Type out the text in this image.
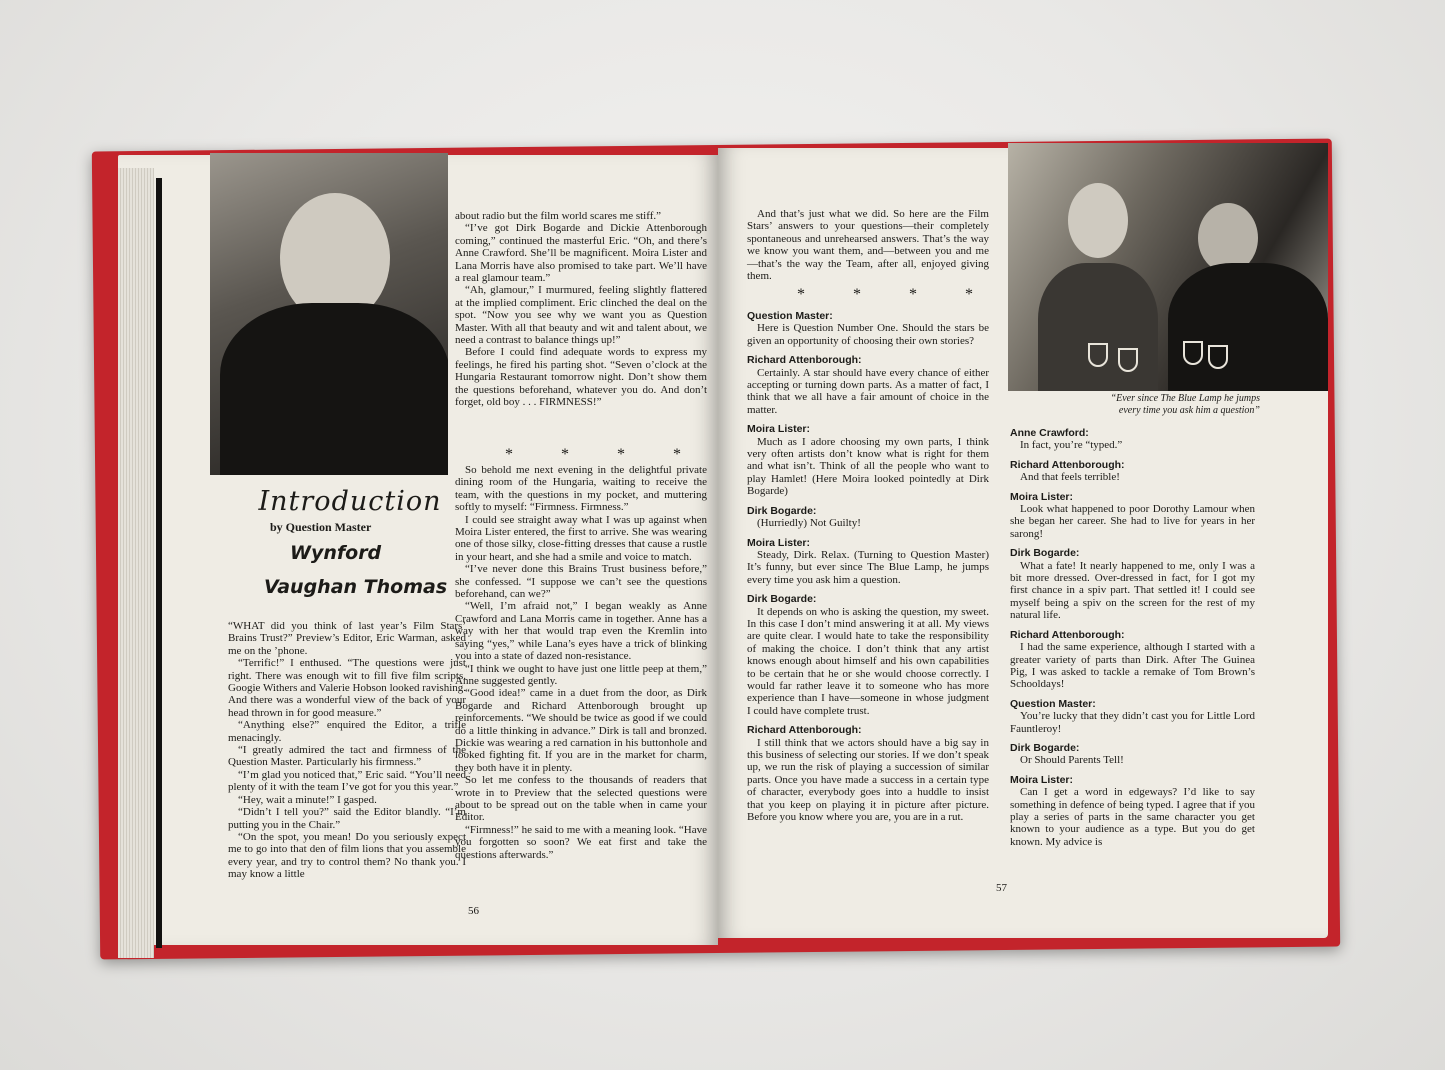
Introduction
by Question Master
Wynford
Vaughan Thomas

“WHAT did you think of last year’s Film Stars’ Brains Trust?” Preview’s Editor, Eric Warman, asked me on the ’phone.

“Terrific!” I enthused. “The questions were just right. There was enough wit to fill five film scripts. Googie Withers and Valerie Hobson looked ravishing. And there was a wonderful view of the back of your head thrown in for good measure.”

“Anything else?” enquired the Editor, a trifle menacingly.

“I greatly admired the tact and firmness of the Question Master. Particularly his firmness.”

“I’m glad you noticed that,” Eric said. “You’ll need plenty of it with the team I’ve got for you this year.”

“Hey, wait a minute!” I gasped.

“Didn’t I tell you?” said the Editor blandly. “I’m putting you in the Chair.”

“On the spot, you mean! Do you seriously expect me to go into that den of film lions that you assemble every year, and try to control them? No thank you. I may know a little

about radio but the film world scares me stiff.”

“I’ve got Dirk Bogarde and Dickie Attenborough coming,” continued the masterful Eric. “Oh, and there’s Anne Crawford. She’ll be magnificent. Moira Lister and Lana Morris have also promised to take part. We’ll have a real glamour team.”

“Ah, glamour,” I murmured, feeling slightly flattered at the implied compliment. Eric clinched the deal on the spot. “Now you see why we want you as Question Master. With all that beauty and wit and talent about, we need a contrast to balance things up!”

Before I could find adequate words to express my feelings, he fired his parting shot. “Seven o’clock at the Hungaria Restaurant tomorrow night. Don’t show them the questions beforehand, whatever you do. And don’t forget, old boy . . . FIRMNESS!”

* * * *

So behold me next evening in the delightful private dining room of the Hungaria, waiting to receive the team, with the questions in my pocket, and muttering softly to myself: “Firmness. Firmness.”

I could see straight away what I was up against when Moira Lister entered, the first to arrive. She was wearing one of those silky, close-fitting dresses that cause a rustle in your heart, and she had a smile and voice to match.

“I’ve never done this Brains Trust business before,” she confessed. “I suppose we can’t see the questions beforehand, can we?”

“Well, I’m afraid not,” I began weakly as Anne Crawford and Lana Morris came in together. Anne has a way with her that would trap even the Kremlin into saying “yes,” while Lana’s eyes have a trick of blinking you into a state of dazed non-resistance.

“I think we ought to have just one little peep at them,” Anne suggested gently.

“Good idea!” came in a duet from the door, as Dirk Bogarde and Richard Attenborough brought up reinforcements. “We should be twice as good if we could do a little thinking in advance.” Dirk is tall and bronzed. Dickie was wearing a red carnation in his buttonhole and looked fighting fit. If you are in the market for charm, they both have it in plenty.

So let me confess to the thousands of readers that wrote in to Preview that the selected questions were about to be spread out on the table when in came your Editor.

“Firmness!” he said to me with a meaning look. “Have you forgotten so soon? We eat first and take the questions afterwards.”

56

And that’s just what we did. So here are the Film Stars’ answers to your questions—their completely spontaneous and unrehearsed answers. That’s the way we know you want them, and—between you and me—that’s the way the Team, after all, enjoyed giving them.

* * * *
Question Master:

Here is Question Number One. Should the stars be given an opportunity of choosing their own stories?

Richard Attenborough:

Certainly. A star should have every chance of either accepting or turning down parts. As a matter of fact, I think that we all have a fair amount of choice in the matter.

Moira Lister:

Much as I adore choosing my own parts, I think very often artists don’t know what is right for them and what isn’t. Think of all the people who want to play Hamlet! (Here Moira looked pointedly at Dirk Bogarde)

Dirk Bogarde:

(Hurriedly) Not Guilty!

Moira Lister:

Steady, Dirk. Relax. (Turning to Question Master) It’s funny, but ever since The Blue Lamp, he jumps every time you ask him a question.

Dirk Bogarde:

It depends on who is asking the question, my sweet. In this case I don’t mind answering it at all. My views are quite clear. I would hate to take the responsibility of making the choice. I don’t think that any artist knows enough about himself and his own capabilities to be certain that he or she would choose correctly. I would far rather leave it to someone who has more experience than I have—someone in whose judgment I could have complete trust.

Richard Attenborough:

I still think that we actors should have a big say in this business of selecting our stories. If we don’t speak up, we run the risk of playing a succession of similar parts. Once you have made a success in a certain type of character, everybody goes into a huddle to insist that you keep on playing it in picture after picture. Before you know where you are, you are in a rut.

“Ever since The Blue Lamp he jumps
every time you ask him a question”
Anne Crawford:

In fact, you’re “typed.”

Richard Attenborough:

And that feels terrible!

Moira Lister:

Look what happened to poor Dorothy Lamour when she began her career. She had to live for years in her sarong!

Dirk Bogarde:

What a fate! It nearly happened to me, only I was a bit more dressed. Over-dressed in fact, for I got my first chance in a spiv part. That settled it! I could see myself being a spiv on the screen for the rest of my natural life.

Richard Attenborough:

I had the same experience, although I started with a greater variety of parts than Dirk. After The Guinea Pig, I was asked to tackle a remake of Tom Brown’s Schooldays!

Question Master:

You’re lucky that they didn’t cast you for Little Lord Fauntleroy!

Dirk Bogarde:

Or Should Parents Tell!

Moira Lister:

Can I get a word in edgeways? I’d like to say something in defence of being typed. I agree that if you play a series of parts in the same character you get known to your audience as a type. But you do get known. My advice is

57
